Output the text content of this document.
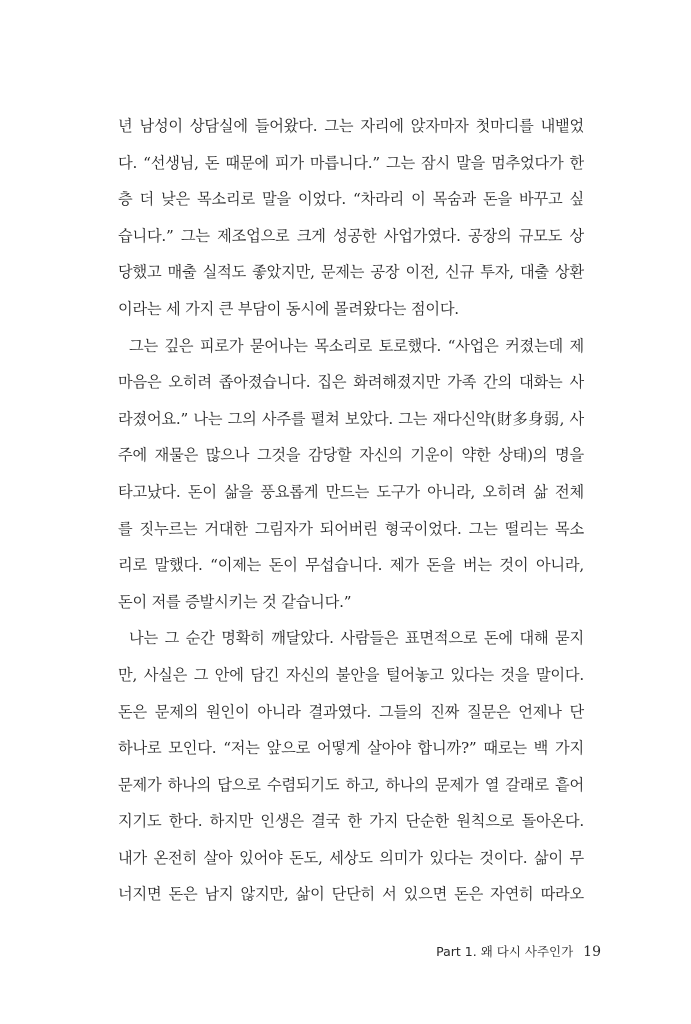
년 남성이 상담실에 들어왔다. 그는 자리에 앉자마자 첫마디를 내뱉었
다. “선생님, 돈 때문에 피가 마릅니다.” 그는 잠시 말을 멈추었다가 한
층 더 낮은 목소리로 말을 이었다. “차라리 이 목숨과 돈을 바꾸고 싶
습니다.” 그는 제조업으로 크게 성공한 사업가였다. 공장의 규모도 상
당했고 매출 실적도 좋았지만, 문제는 공장 이전, 신규 투자, 대출 상환
이라는 세 가지 큰 부담이 동시에 몰려왔다는 점이다.
그는 깊은 피로가 묻어나는 목소리로 토로했다. “사업은 커졌는데 제
마음은 오히려 좁아졌습니다. 집은 화려해졌지만 가족 간의 대화는 사
라졌어요.” 나는 그의 사주를 펼쳐 보았다. 그는 재다신약(財多身弱, 사
주에 재물은 많으나 그것을 감당할 자신의 기운이 약한 상태)의 명을
타고났다. 돈이 삶을 풍요롭게 만드는 도구가 아니라, 오히려 삶 전체
를 짓누르는 거대한 그림자가 되어버린 형국이었다. 그는 떨리는 목소
리로 말했다. “이제는 돈이 무섭습니다. 제가 돈을 버는 것이 아니라,
돈이 저를 증발시키는 것 같습니다.”
나는 그 순간 명확히 깨달았다. 사람들은 표면적으로 돈에 대해 묻지
만, 사실은 그 안에 담긴 자신의 불안을 털어놓고 있다는 것을 말이다.
돈은 문제의 원인이 아니라 결과였다. 그들의 진짜 질문은 언제나 단
하나로 모인다. “저는 앞으로 어떻게 살아야 합니까?” 때로는 백 가지
문제가 하나의 답으로 수렴되기도 하고, 하나의 문제가 열 갈래로 흩어
지기도 한다. 하지만 인생은 결국 한 가지 단순한 원칙으로 돌아온다.
내가 온전히 살아 있어야 돈도, 세상도 의미가 있다는 것이다. 삶이 무
너지면 돈은 남지 않지만, 삶이 단단히 서 있으면 돈은 자연히 따라오
Part 1. 왜 다시 사주인가 19
